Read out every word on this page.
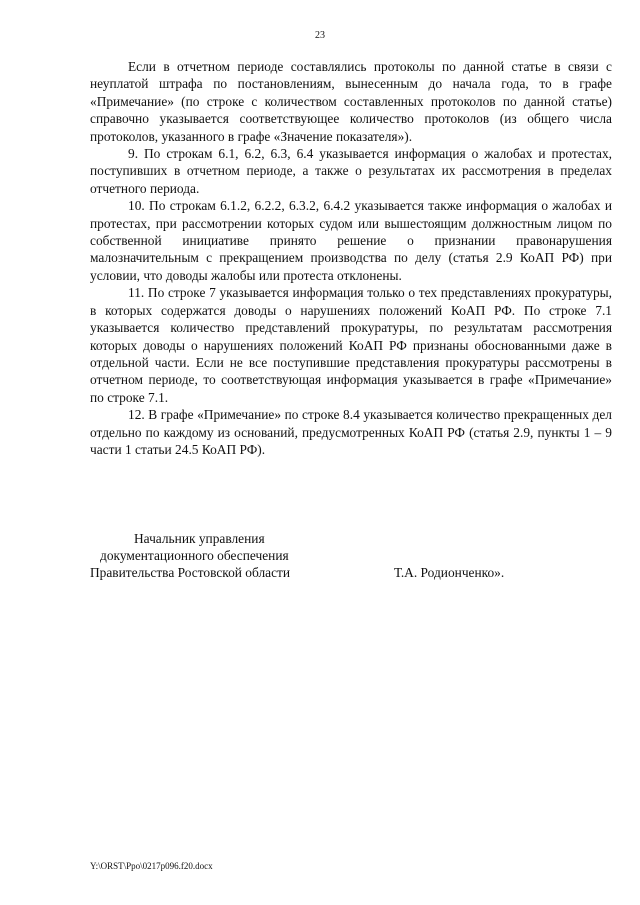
23

Если в отчетном периоде составлялись протоколы по данной статье в связи с неуплатой штрафа по постановлениям, вынесенным до начала года, то в графе «Примечание» (по строке с количеством составленных протоколов по данной статье) справочно указывается соответствующее количество протоколов (из общего числа протоколов, указанного в графе «Значение показателя»).

9. По строкам 6.1, 6.2, 6.3, 6.4 указывается информация о жалобах и протестах, поступивших в отчетном периоде, а также о результатах их рассмотрения в пределах отчетного периода.

10. По строкам 6.1.2, 6.2.2, 6.3.2, 6.4.2 указывается также информация о жалобах и протестах, при рассмотрении которых судом или вышестоящим должностным лицом по собственной инициативе принято решение о признании правонарушения малозначительным с прекращением производства по делу (статья 2.9 КоАП РФ) при условии, что доводы жалобы или протеста отклонены.

11. По строке 7 указывается информация только о тех представлениях прокуратуры, в которых содержатся доводы о нарушениях положений КоАП РФ. По строке 7.1 указывается количество представлений прокуратуры, по результатам рассмотрения которых доводы о нарушениях положений КоАП РФ признаны обоснованными даже в отдельной части. Если не все поступившие представления прокуратуры рассмотрены в отчетном периоде, то соответствующая информация указывается в графе «Примечание» по строке 7.1.

12. В графе «Примечание» по строке 8.4 указывается количество прекращенных дел отдельно по каждому из оснований, предусмотренных КоАП РФ (статья 2.9, пункты 1 – 9 части 1 статьи 24.5 КоАП РФ).

Начальник управления
документационного обеспечения
Правительства Ростовской области	Т.А. Родионченко».
Y:\ORST\Ppo\0217p096.f20.docx
